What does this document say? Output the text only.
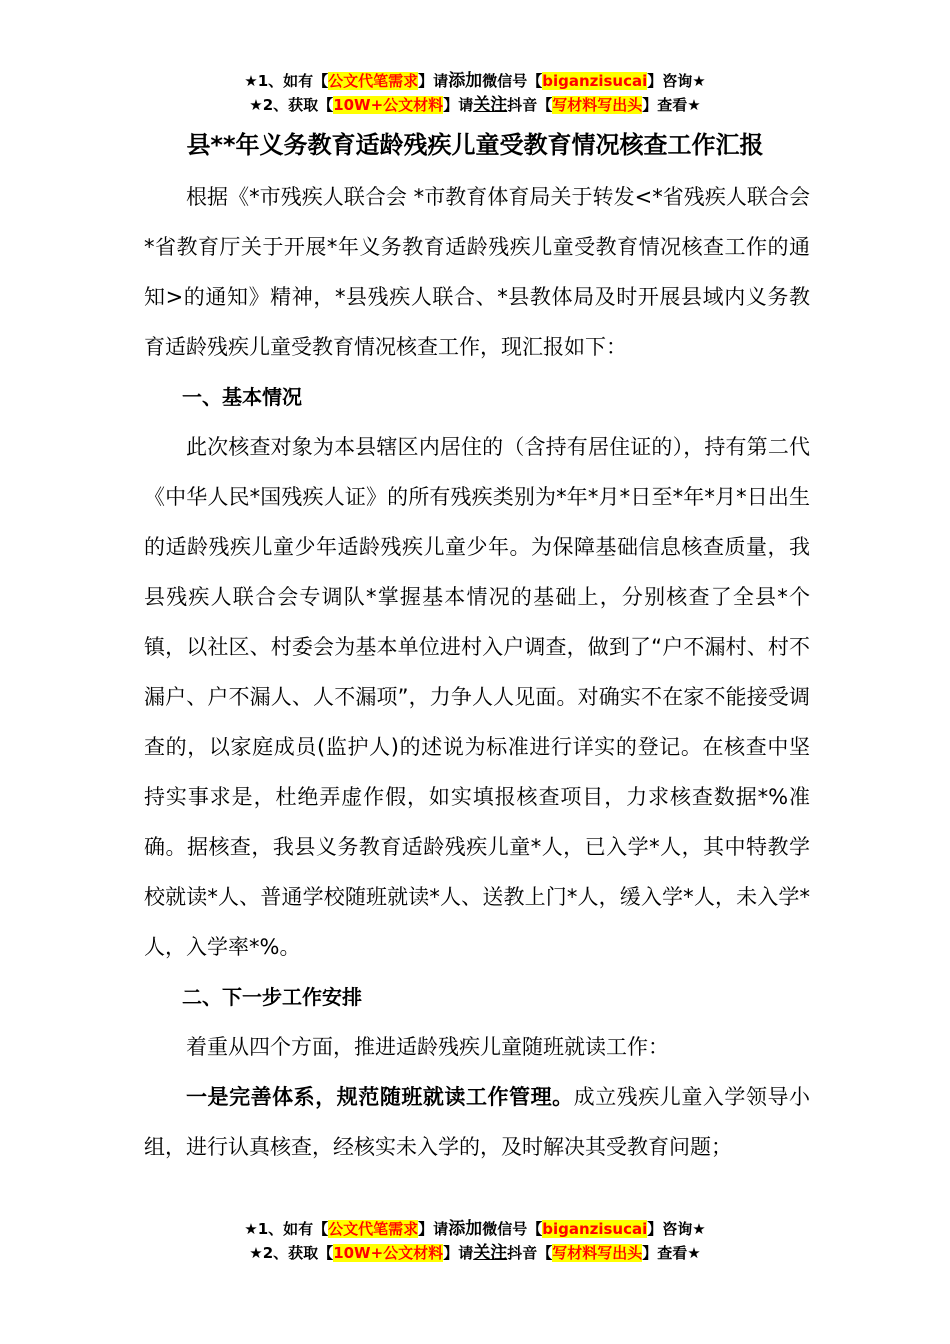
★1、如有【公文代笔需求】请添加微信号【biganzisucai】咨询★
★2、获取【10W+公文材料】请关注抖音【写材料写出头】查看★
县**年义务教育适龄残疾儿童受教育情况核查工作汇报

根据《*市残疾人联合会 *市教育体育局关于转发<*省残疾人联合会 *省教育厅关于开展*年义务教育适龄残疾儿童受教育情况核查工作的通知>的通知》精神，*县残疾人联合、*县教体局及时开展县域内义务教育适龄残疾儿童受教育情况核查工作，现汇报如下：

一、基本情况

此次核查对象为本县辖区内居住的（含持有居住证的），持有第二代《中华人民*国残疾人证》的所有残疾类别为*年*月*日至*年*月*日出生的适龄残疾儿童少年适龄残疾儿童少年。为保障基础信息核查质量，我县残疾人联合会专调队*掌握基本情况的基础上，分别核查了全县*个镇，以社区、村委会为基本单位进村入户调查，做到了“户不漏村、村不漏户、户不漏人、人不漏项”，力争人人见面。对确实不在家不能接受调查的，以家庭成员(监护人)的述说为标准进行详实的登记。在核查中坚持实事求是，杜绝弄虚作假，如实填报核查项目，力求核查数据*%准确。据核查，我县义务教育适龄残疾儿童*人，已入学*人，其中特教学校就读*人、普通学校随班就读*人、送教上门*人，缓入学*人，未入学*人，入学率*%。

二、下一步工作安排

着重从四个方面，推进适龄残疾儿童随班就读工作：

一是完善体系，规范随班就读工作管理。成立残疾儿童入学领导小组，进行认真核查，经核实未入学的，及时解决其受教育问题；

★1、如有【公文代笔需求】请添加微信号【biganzisucai】咨询★
★2、获取【10W+公文材料】请关注抖音【写材料写出头】查看★
